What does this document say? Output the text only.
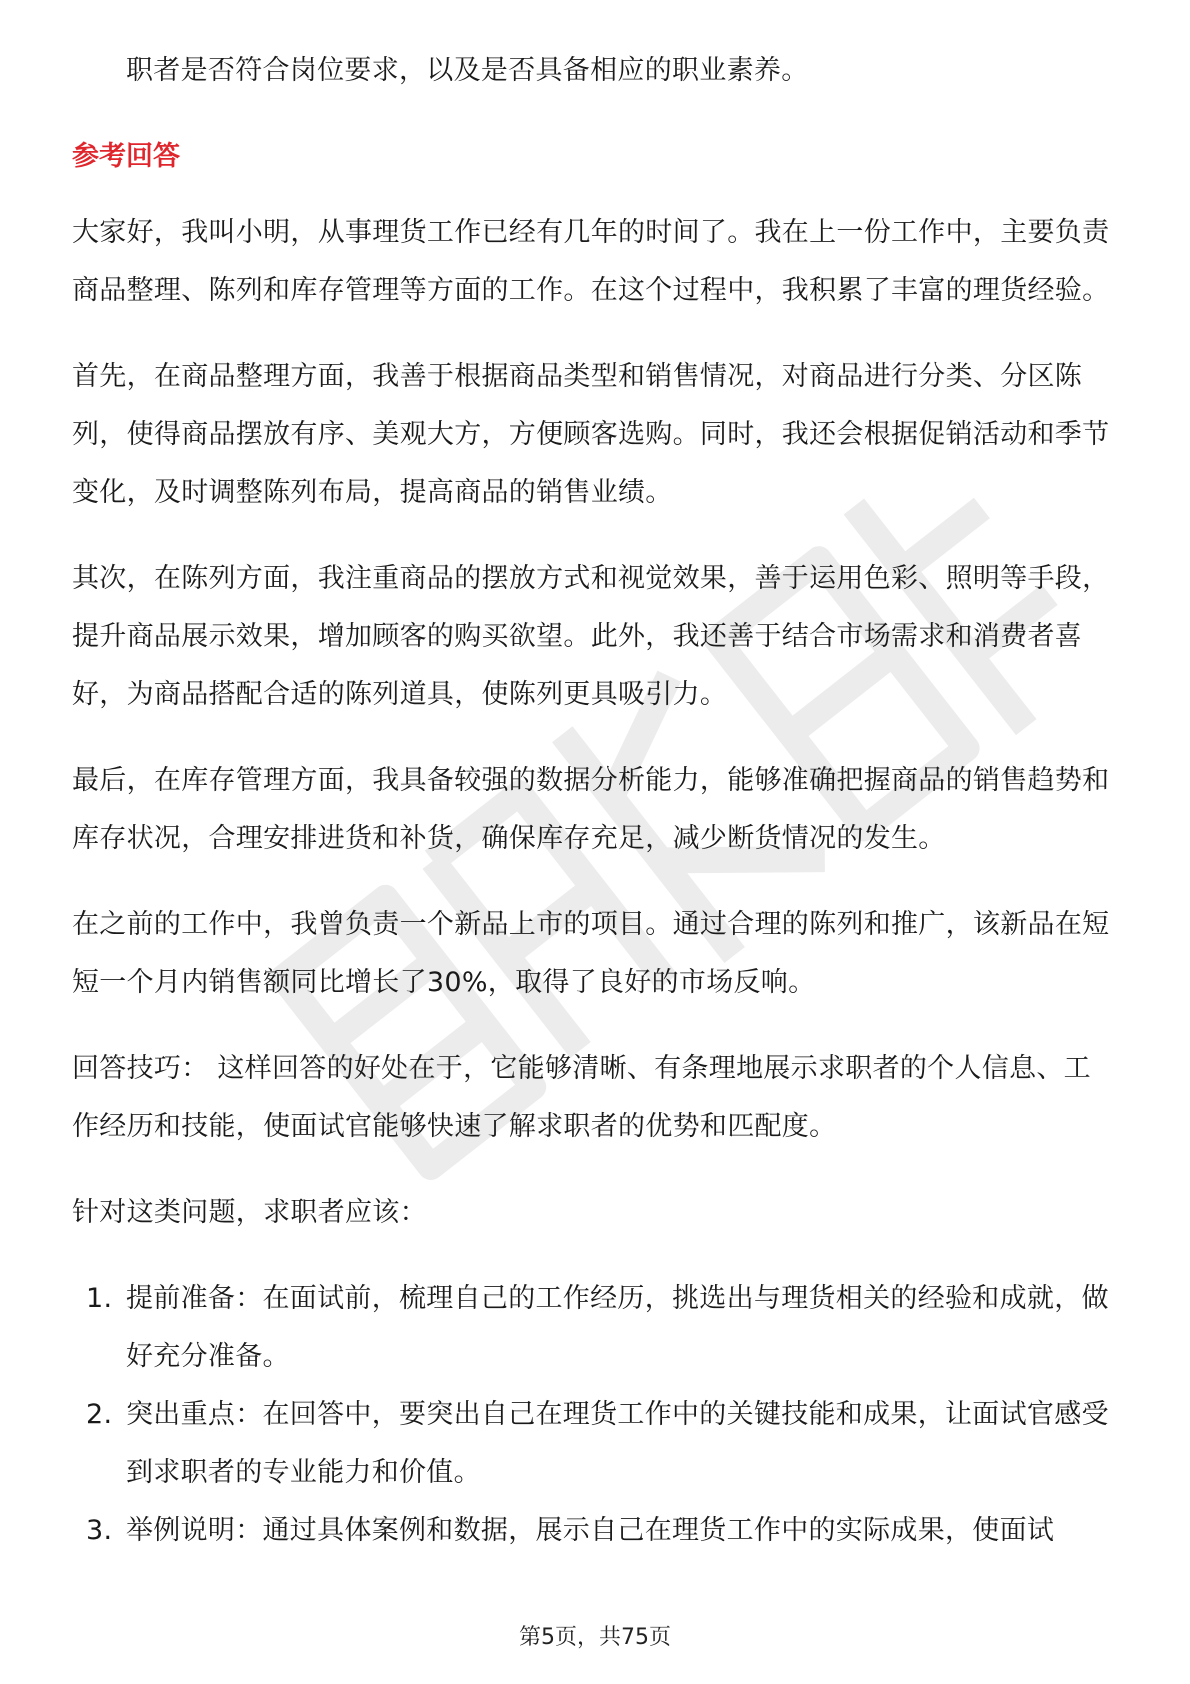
职者是否符合岗位要求，以及是否具备相应的职业素养。

参考回答

大家好，我叫小明，从事理货工作已经有几年的时间了。我在上一份工作中，主要负责商品整理、陈列和库存管理等方面的工作。在这个过程中，我积累了丰富的理货经验。

首先，在商品整理方面，我善于根据商品类型和销售情况，对商品进行分类、分区陈列，使得商品摆放有序、美观大方，方便顾客选购。同时，我还会根据促销活动和季节变化，及时调整陈列布局，提高商品的销售业绩。

其次，在陈列方面，我注重商品的摆放方式和视觉效果，善于运用色彩、照明等手段，提升商品展示效果，增加顾客的购买欲望。此外，我还善于结合市场需求和消费者喜好，为商品搭配合适的陈列道具，使陈列更具吸引力。

最后，在库存管理方面，我具备较强的数据分析能力，能够准确把握商品的销售趋势和库存状况，合理安排进货和补货，确保库存充足，减少断货情况的发生。

在之前的工作中，我曾负责一个新品上市的项目。通过合理的陈列和推广，该新品在短短一个月内销售额同比增长了30%，取得了良好的市场反响。

回答技巧： 这样回答的好处在于，它能够清晰、有条理地展示求职者的个人信息、工作经历和技能，使面试官能够快速了解求职者的优势和匹配度。

针对这类问题，求职者应该：

1. 提前准备：在面试前，梳理自己的工作经历，挑选出与理货相关的经验和成就，做好充分准备。
2. 突出重点：在回答中，要突出自己在理货工作中的关键技能和成果，让面试官感受到求职者的专业能力和价值。
3. 举例说明：通过具体案例和数据，展示自己在理货工作中的实际成果，使面试
第5页，共75页
